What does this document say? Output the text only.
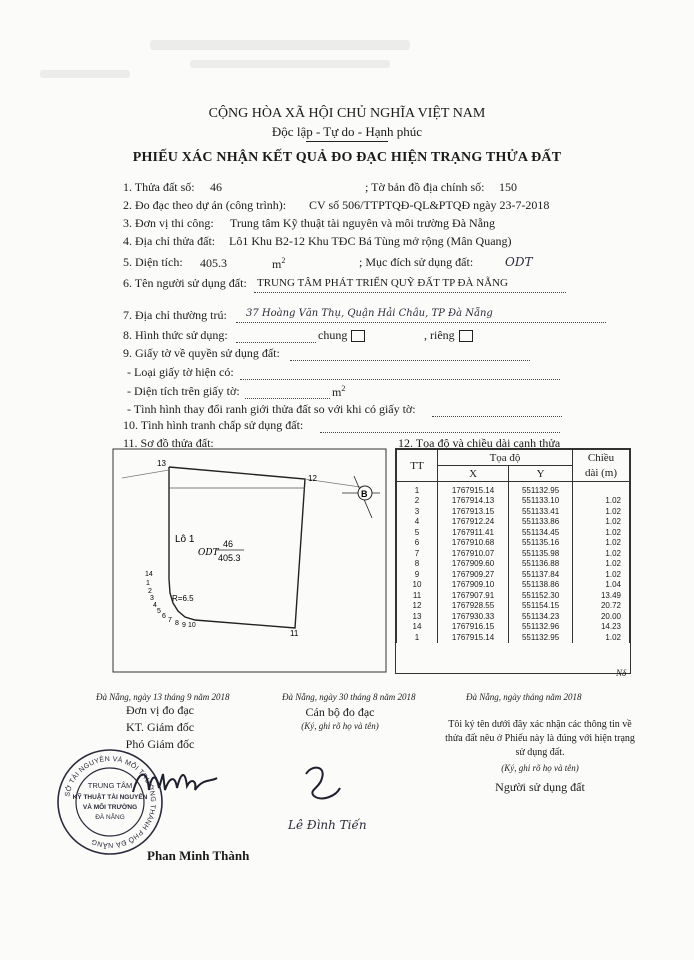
CỘNG HÒA XÃ HỘI CHỦ NGHĨA VIỆT NAM
Độc lập - Tự do - Hạnh phúc
PHIẾU XÁC NHẬN KẾT QUẢ ĐO ĐẠC HIỆN TRẠNG THỬA ĐẤT
1. Thửa đất số: 46	; Tờ bản đồ địa chính số: 150
2. Đo đạc theo dự án (công trình): CV số 506/TTPTQĐ-QL&PTQĐ ngày 23-7-2018
3. Đơn vị thi công: Trung tâm Kỹ thuật tài nguyên và môi trường Đà Nẵng
4. Địa chỉ thửa đất: Lô1 Khu B2-12 Khu TĐC Bá Tùng mở rộng (Mân Quang)
5. Diện tích: 405.3	$m^2$	; Mục đích sử dụng đất:	ODT
6. Tên người sử dụng đất: TRUNG TÂM PHÁT TRIỂN QUỸ ĐẤT TP ĐÀ NẴNG
7. Địa chỉ thường trú: 37 Hoàng Văn Thụ, Quận Hải Châu, TP Đà Nẵng
8. Hình thức sử dụng:	chung	, riêng
9. Giấy tờ về quyền sử dụng đất:
- Loại giấy tờ hiện có:
- Diện tích trên giấy tờ:	$m^2$
- Tình hình thay đổi ranh giới thửa đất so với khi có giấy tờ:
10. Tình hình tranh chấp sử dụng đất:
11. Sơ đồ thửa đất:	12. Tọa độ và chiều dài cạnh thửa
13
12
11
14
1
2
3
4
5
6
7 8 9 10
R=6.5
Lô 1
ODT
46
405.3
B
TT	Tọa độ		Chiều
	X	Y	dài (m)
1	1767915.14	551132.95	
2	1767914.13	551133.10	1.02
3	1767913.15	551133.41	1.02
4	1767912.24	551133.86	1.02
5	1767911.41	551134.45	1.02
6	1767910.68	551135.16	1.02
7	1767910.07	551135.98	1.02
8	1767909.60	551136.88	1.02
9	1767909.27	551137.84	1.02
10	1767909.10	551138.86	1.04
11	1767907.91	551152.30	13.49
12	1767928.55	551154.15	20.72
13	1767930.33	551134.23	20.00
14	1767916.15	551132.96	14.23
1	1767915.14	551132.95	1.02
Nδ
Đà Nẵng, ngày 13 tháng 9 năm 2018
Đơn vị đo đạc
KT. Giám đốc
Phó Giám đốc
Phan Minh Thành
Đà Nẵng, ngày 30 tháng 8 năm 2018
Cán bộ đo đạc
(Ký, ghi rõ họ và tên)
Lê Đình Tiến
Đà Nẵng, ngày tháng năm 2018
Tôi ký tên dưới đây xác nhận các thông tin về
thửa đất nêu ở Phiếu này là đúng với hiện trạng
sử dụng đất.
(Ký, ghi rõ họ và tên)
Người sử dụng đất
SỞ TÀI NGUYÊN VÀ MÔI TRƯỜNG THÀNH PHỐ ĐÀ NẴNG
TRUNG TÂM
KỸ THUẬT TÀI NGUYÊN
VÀ MÔI TRƯỜNG
ĐÀ NẴNG
